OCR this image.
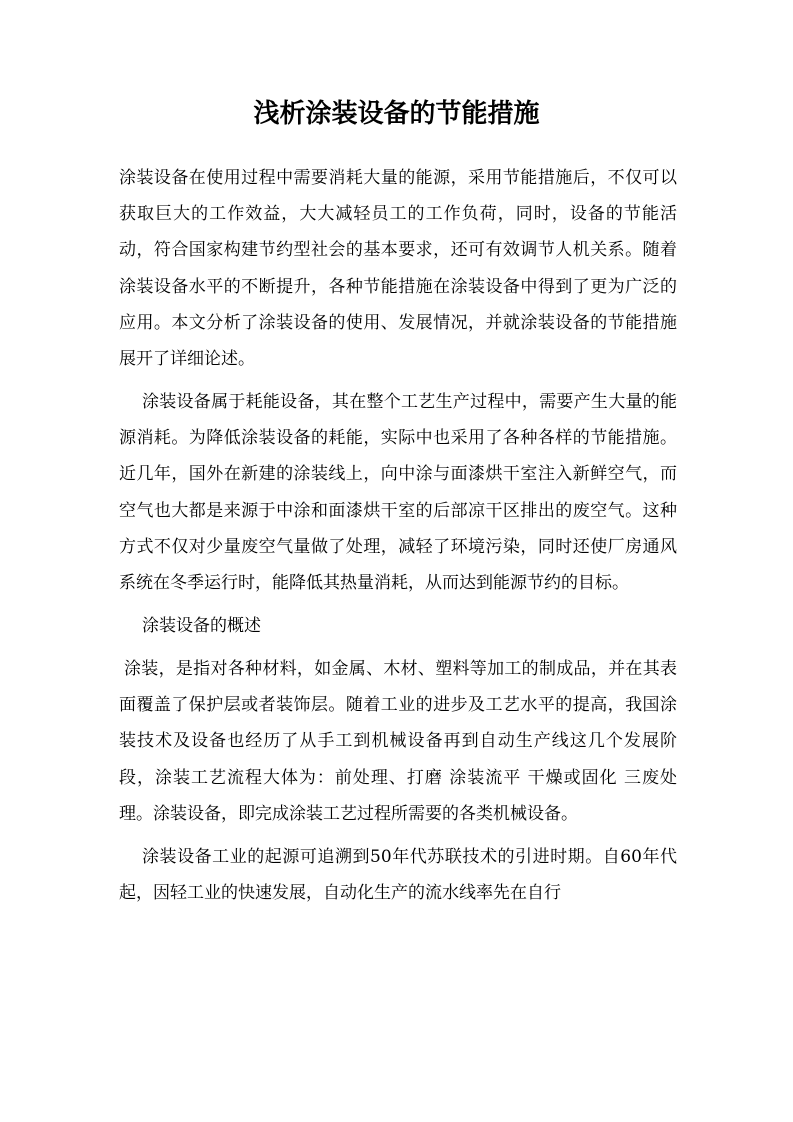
浅析涂装设备的节能措施

涂装设备在使用过程中需要消耗大量的能源，采用节能措施后，不仅可以获取巨大的工作效益，大大减轻员工的工作负荷，同时，设备的节能活动，符合国家构建节约型社会的基本要求，还可有效调节人机关系。随着涂装设备水平的不断提升，各种节能措施在涂装设备中得到了更为广泛的应用。本文分析了涂装设备的使用、发展情况，并就涂装设备的节能措施展开了详细论述。

涂装设备属于耗能设备，其在整个工艺生产过程中，需要产生大量的能源消耗。为降低涂装设备的耗能，实际中也采用了各种各样的节能措施。近几年，国外在新建的涂装线上，向中涂与面漆烘干室注入新鲜空气，而空气也大都是来源于中涂和面漆烘干室的后部凉干区排出的废空气。这种方式不仅对少量废空气量做了处理，减轻了环境污染，同时还使厂房通风系统在冬季运行时，能降低其热量消耗，从而达到能源节约的目标。

涂装设备的概述

涂装，是指对各种材料，如金属、木材、塑料等加工的制成品，并在其表面覆盖了保护层或者装饰层。随着工业的进步及工艺水平的提高，我国涂装技术及设备也经历了从手工到机械设备再到自动生产线这几个发展阶段，涂装工艺流程大体为：前处理、打磨 涂装流平 干燥或固化 三废处理。涂装设备，即完成涂装工艺过程所需要的各类机械设备。

涂装设备工业的起源可追溯到50年代苏联技术的引进时期。自60年代起，因轻工业的快速发展，自动化生产的流水线率先在自行
